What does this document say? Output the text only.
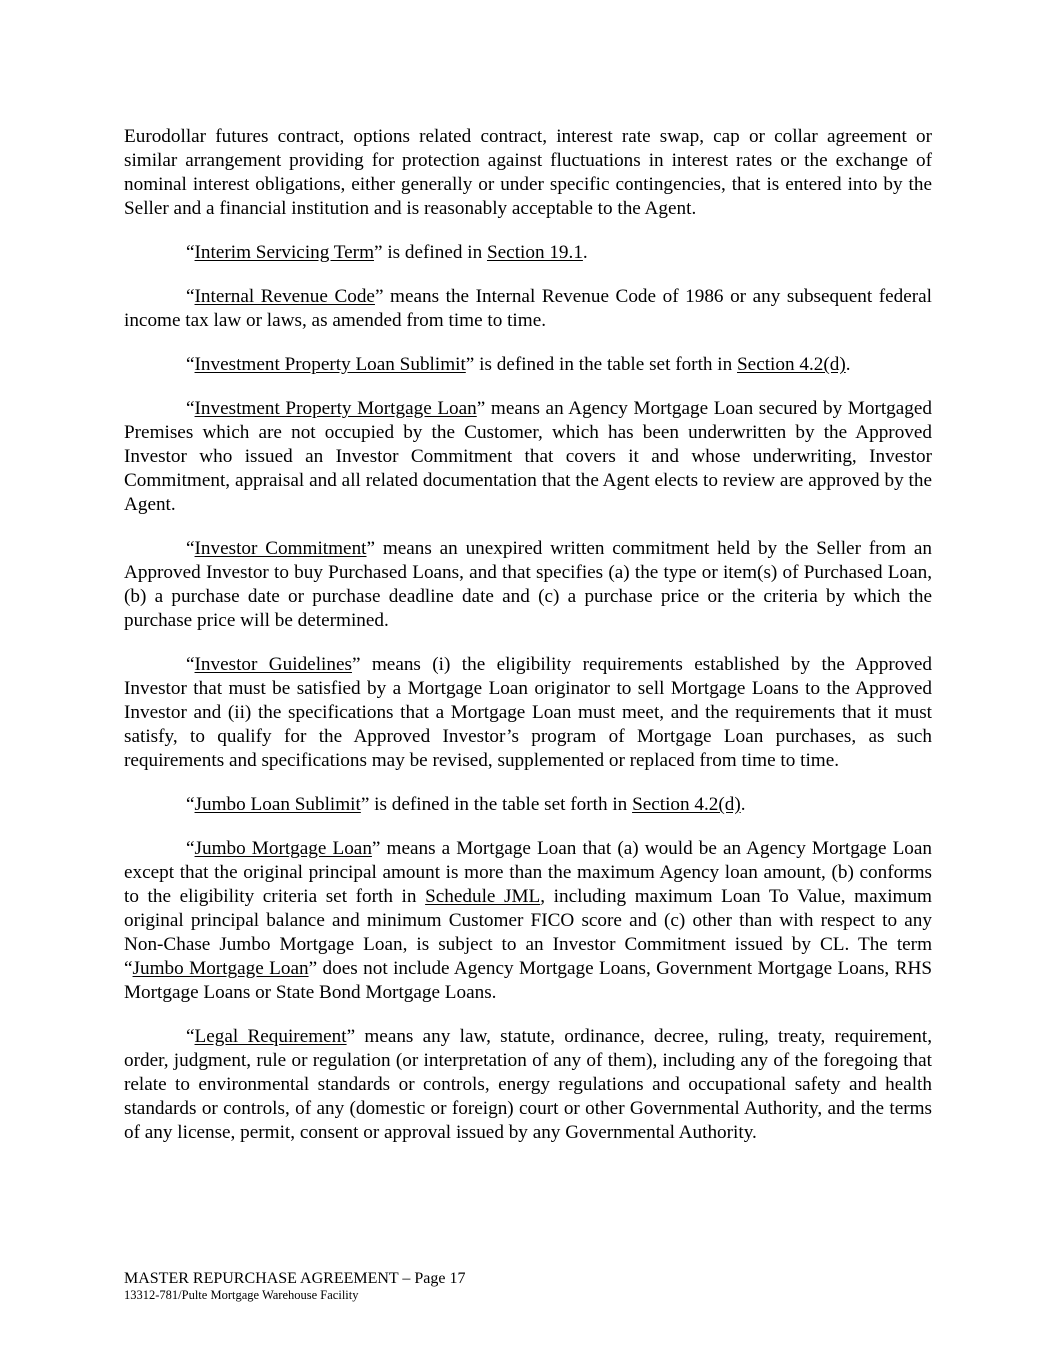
Eurodollar futures contract, options related contract, interest rate swap, cap or collar agreement or similar arrangement providing for protection against fluctuations in interest rates or the exchange of nominal interest obligations, either generally or under specific contingencies, that is entered into by the Seller and a financial institution and is reasonably acceptable to the Agent.

“Interim Servicing Term” is defined in Section 19.1.

“Internal Revenue Code” means the Internal Revenue Code of 1986 or any subsequent federal income tax law or laws, as amended from time to time.

“Investment Property Loan Sublimit” is defined in the table set forth in Section 4.2(d).

“Investment Property Mortgage Loan” means an Agency Mortgage Loan secured by Mortgaged Premises which are not occupied by the Customer, which has been underwritten by the Approved Investor who issued an Investor Commitment that covers it and whose underwriting, Investor Commitment, appraisal and all related documentation that the Agent elects to review are approved by the Agent.

“Investor Commitment” means an unexpired written commitment held by the Seller from an Approved Investor to buy Purchased Loans, and that specifies (a) the type or item(s) of Purchased Loan, (b) a purchase date or purchase deadline date and (c) a purchase price or the criteria by which the purchase price will be determined.

“Investor Guidelines” means (i) the eligibility requirements established by the Approved Investor that must be satisfied by a Mortgage Loan originator to sell Mortgage Loans to the Approved Investor and (ii) the specifications that a Mortgage Loan must meet, and the requirements that it must satisfy, to qualify for the Approved Investor’s program of Mortgage Loan purchases, as such requirements and specifications may be revised, supplemented or replaced from time to time.

“Jumbo Loan Sublimit” is defined in the table set forth in Section 4.2(d).

“Jumbo Mortgage Loan” means a Mortgage Loan that (a) would be an Agency Mortgage Loan except that the original principal amount is more than the maximum Agency loan amount, (b) conforms to the eligibility criteria set forth in Schedule JML, including maximum Loan To Value, maximum original principal balance and minimum Customer FICO score and (c) other than with respect to any Non-Chase Jumbo Mortgage Loan, is subject to an Investor Commitment issued by CL. The term “Jumbo Mortgage Loan” does not include Agency Mortgage Loans, Government Mortgage Loans, RHS Mortgage Loans or State Bond Mortgage Loans.

“Legal Requirement” means any law, statute, ordinance, decree, ruling, treaty, requirement, order, judgment, rule or regulation (or interpretation of any of them), including any of the foregoing that relate to environmental standards or controls, energy regulations and occupational safety and health standards or controls, of any (domestic or foreign) court or other Governmental Authority, and the terms of any license, permit, consent or approval issued by any Governmental Authority.

MASTER REPURCHASE AGREEMENT – Page 17
13312-781/Pulte Mortgage Warehouse Facility
